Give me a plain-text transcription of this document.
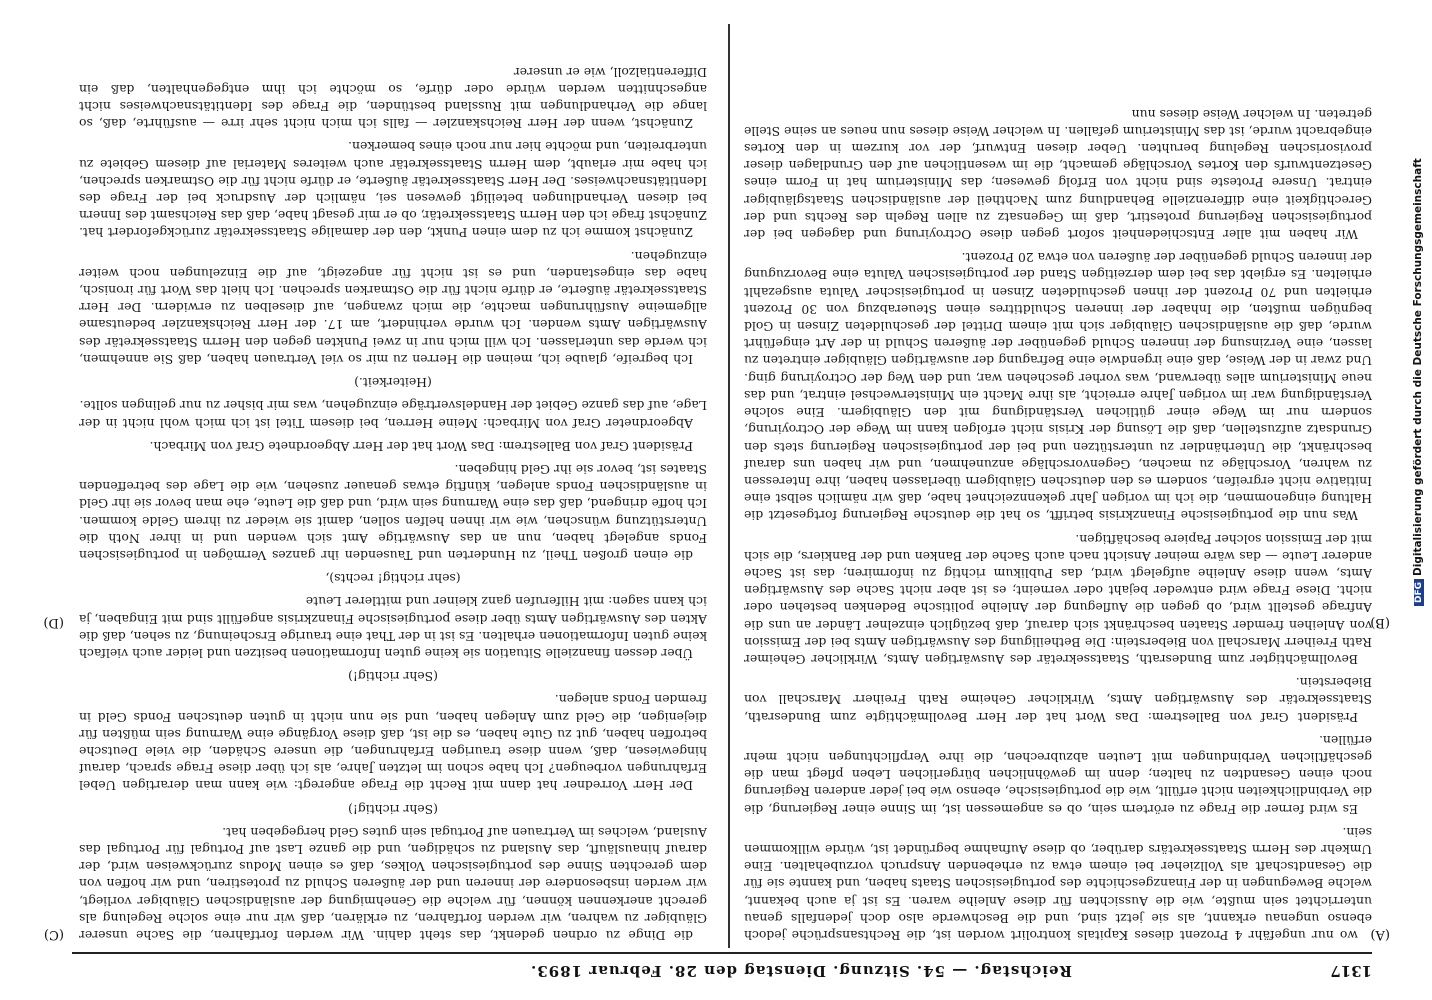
1317
Reichstag. — 54. Sitzung. Dienstag den 28. Februar 1893.
(A)
(B)
(C)
(D)

wo nur ungefähr 4 Prozent dieses Kapitals kontrolirt worden ist, die Rechtsansprüche jedoch ebenso ungenau erkannt, als sie jetzt sind, und die Beschwerde also doch jedenfalls genau unterrichtet sein mußte, wie die Aussichten für diese Anleihe waren. Es ist ja auch bekannt, welche Bewegungen in der Finanzgeschichte des portugiesischen Staats haben, und kannte sie für die Gesandtschaft als Vollzieher bei einem etwa zu erhebenden Anspruch vorzubehalten. Eine Umkehr des Herrn Staatssekretärs darüber, ob diese Aufnahme begründet ist, würde willkommen sein.

Es wird ferner die Frage zu erörtern sein, ob es angemessen ist, im Sinne einer Regierung, die die Verbindlichkeiten nicht erfüllt, wie die portugiesische, ebenso wie bei jeder anderen Regierung noch einen Gesandten zu halten; denn im gewöhnlichen bürgerlichen Leben pflegt man die geschäftlichen Verbindungen mit Leuten abzubrechen, die ihre Verpflichtungen nicht mehr erfüllen.

Präsident Graf von Ballestrem: Das Wort hat der Herr Bevollmächtigte zum Bundesrath, Staatssekretär des Auswärtigen Amts, Wirklicher Geheime Rath Freiherr Marschall von Bieberstein.

Bevollmächtigter zum Bundesrath, Staatssekretär des Auswärtigen Amts, Wirklicher Geheimer Rath Freiherr Marschall von Bieberstein: Die Betheiligung des Auswärtigen Amts bei der Emission von Anleihen fremder Staaten beschränkt sich darauf, daß bezüglich einzelner Länder an uns die Anfrage gestellt wird, ob gegen die Auflegung der Anleihe politische Bedenken bestehen oder nicht. Diese Frage wird entweder bejaht oder verneint; es ist aber nicht Sache des Auswärtigen Amts, wenn diese Anleihe aufgelegt wird, das Publikum richtig zu informiren; das ist Sache anderer Leute — das wäre meiner Ansicht nach auch Sache der Banken und der Bankiers, die sich mit der Emission solcher Papiere beschäftigen.

Was nun die portugiesische Finanzkrisis betrifft, so hat die deutsche Regierung fortgesetzt die Haltung eingenommen, die ich im vorigen Jahr gekennzeichnet habe, daß wir nämlich selbst eine Initiative nicht ergreifen, sondern es den deutschen Gläubigern überlassen haben, ihre Interessen zu wahren, Vorschläge zu machen, Gegenvorschläge anzunehmen, und wir haben uns darauf beschränkt, die Unterhändler zu unterstützen und bei der portugiesischen Regierung stets den Grundsatz aufzustellen, daß die Lösung der Krisis nicht erfolgen kann im Wege der Octroyirung, sondern nur im Wege einer gütlichen Verständigung mit den Gläubigern. Eine solche Verständigung war im vorigen Jahre erreicht, als ihre Macht ein Ministerwechsel eintrat, und das neue Ministerium alles überwand, was vorher geschehen war, und den Weg der Octroyirung ging. Und zwar in der Weise, daß eine irgendwie eine Befragung der auswärtigen Gläubiger eintreten zu lassen, eine Verzinsung der inneren Schuld gegenüber der äußeren Schuld in der Art eingeführt wurde, daß die ausländischen Gläubiger sich mit einem Drittel der geschuldeten Zinsen in Gold begnügen mußten, die Inhaber der inneren Schuldtitres einen Steuerabzug von 30 Prozent erhielten und 70 Prozent der ihnen geschuldeten Zinsen in portugiesischer Valuta ausgezahlt erhielten. Es ergiebt das bei dem derzeitigen Stand der portugiesischen Valuta eine Bevorzugung der inneren Schuld gegenüber der äußeren von etwa 20 Prozent.

Wir haben mit aller Entschiedenheit sofort gegen diese Octroyirung und dagegen bei der portugiesischen Regierung protestirt, daß im Gegensatz zu allen Regeln des Rechts und der Gerechtigkeit eine differenzielle Behandlung zum Nachtheil der ausländischen Staatsgläubiger eintrat. Unsere Proteste sind nicht von Erfolg gewesen; das Ministerium hat in Form eines Gesetzentwurfs den Kortes Vorschläge gemacht, die im wesentlichen auf den Grundlagen dieser provisorischen Regelung beruhten. Ueber diesen Entwurf, der vor kurzem in den Kortes eingebracht wurde, ist das Ministerium gefallen. In welcher Weise dieses nun neues an seine Stelle getreten. In welcher Weise dieses nun

die Dinge zu ordnen gedenkt, das steht dahin. Wir werden fortfahren, die Sache unserer Gläubiger zu wahren, wir werden fortfahren, zu erklären, daß wir nur eine solche Regelung als gerecht anerkennen können, für welche die Genehmigung der ausländischen Gläubiger vorliegt, wir werden insbesondere der inneren und der äußeren Schuld zu protestiren, und wir hoffen von dem gerechten Sinne des portugiesischen Volkes, daß es einen Modus zurückweisen wird, der darauf hinausläuft, das Ausland zu schädigen, und die ganze Last auf Portugal für Portugal das Ausland, welches im Vertrauen auf Portugal sein gutes Geld hergegeben hat.

(Sehr richtig!)

Der Herr Vorredner hat dann mit Recht die Frage angeregt: wie kann man derartigen Uebel Erfahrungen vorbeugen? Ich habe schon im letzten Jahre, als ich über diese Frage sprach, darauf hingewiesen, daß, wenn diese traurigen Erfahrungen, die unsere Schäden, die viele Deutsche betroffen haben, gut zu Gute haben, es die ist, daß diese Vorgänge eine Warnung sein müßten für diejenigen, die Geld zum Anlegen haben, und sie nun nicht in guten deutschen Fonds Geld in fremden Fonds anlegen.

(Sehr richtig!)

Über dessen finanzielle Situation sie keine guten Informationen besitzen und leider auch vielfach keine guten Informationen erhalten. Es ist in der That eine traurige Erscheinung, zu sehen, daß die Akten des Auswärtigen Amts über diese portugiesische Finanzkrisis angefüllt sind mit Eingaben, ja ich kann sagen: mit Hilferufen ganz kleiner und mittlerer Leute

(sehr richtig! rechts),

die einen großen Theil, zu Hunderten und Tausenden ihr ganzes Vermögen in portugiesischen Fonds angelegt haben, nun an das Auswärtige Amt sich wenden und in ihrer Noth die Unterstützung wünschen, wie wir ihnen helfen sollen, damit sie wieder zu ihrem Gelde kommen. Ich hoffe dringend, daß das eine Warnung sein wird, und daß die Leute, ehe man bevor sie ihr Geld in ausländischen Fonds anlegen, künftig etwas genauer zusehen, wie die Lage des betreffenden Staates ist, bevor sie ihr Geld hingeben.

Präsident Graf von Ballestrem: Das Wort hat der Herr Abgeordnete Graf von Mirbach.

Abgeordneter Graf von Mirbach: Meine Herren, bei diesem Titel ist ich mich wohl nicht in der Lage, auf das ganze Gebiet der Handelsverträge einzugehen, was mir bisher zu nur gelingen sollte.

(Heiterkeit.)

Ich begreife, glaube ich, meinen die Herren zu mir so viel Vertrauen haben, daß Sie annehmen, ich werde das unterlassen. Ich will mich nur in zwei Punkten gegen den Herrn Staatssekretär des Auswärtigen Amts wenden. Ich wurde verhindert, am 17. der Herr Reichskanzler bedeutsame allgemeine Ausführungen machte, die mich zwangen, auf dieselben zu erwidern. Der Herr Staatssekretär äußerte, er dürfe nicht für die Ostmarken sprechen. Ich hielt das Wort für ironisch, habe das eingestanden, und es ist nicht für angezeigt, auf die Einzelungen noch weiter einzugehen.

Zunächst komme ich zu dem einen Punkt, den der damalige Staatssekretär zurückgefordert hat. Zunächst frage ich den Herrn Staatssekretär, ob er mir gesagt habe, daß das Reichsamt des Innern bei diesen Verhandlungen beteiligt gewesen sei, nämlich der Ausdruck bei der Frage des Identitätsnachweises. Der Herr Staatssekretär äußerte, er dürfe nicht für die Ostmarken sprechen, ich habe mir erlaubt, dem Herrn Staatssekretär auch weiteres Material auf diesem Gebiete zu unterbreiten, und möchte hier nur noch eines bemerken.

Zunächst, wenn der Herr Reichskanzler — falls ich mich nicht sehr irre — ausführte, daß, so lange die Verhandlungen mit Russland bestünden, die Frage des Identitätsnachweises nicht angeschnitten werden würde oder dürfe, so möchte ich ihm entgegenhalten, daß ein Differentialzoll, wie er unserer

DFGDigitalisierung gefördert durch die Deutsche Forschungsgemeinschaft
